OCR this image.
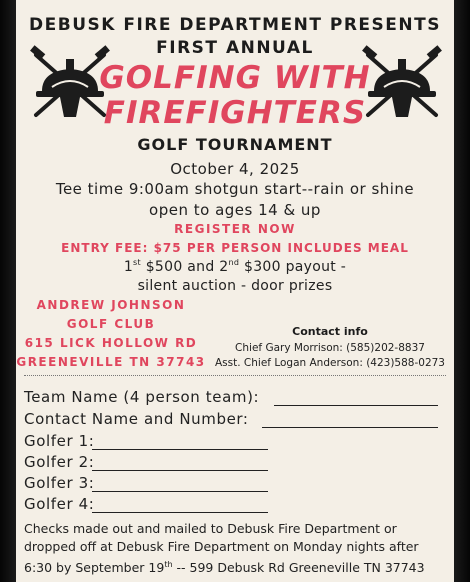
DEBUSK FIRE DEPARTMENT PRESENTS
FIRST ANNUAL
GOLFING WITH
FIREFIGHTERS
GOLF TOURNAMENT
October 4, 2025
Tee time 9:00am shotgun start--rain or shine
open to ages 14 & up
REGISTER NOW
ENTRY FEE: $75 PER PERSON INCLUDES MEAL
1st $500 and 2nd $300 payout -
silent auction - door prizes
ANDREW JOHNSON
GOLF CLUB
615 LICK HOLLOW RD
GREENEVILLE TN 37743
Contact info
Chief Gary Morrison: (585)202-8837
Asst. Chief Logan Anderson: (423)588-0273
Team Name (4 person team):
Contact Name and Number:
Golfer 1:
Golfer 2:
Golfer 3:
Golfer 4:
Checks made out and mailed to Debusk Fire Department or
dropped off at Debusk Fire Department on Monday nights after
6:30 by September 19th -- 599 Debusk Rd Greeneville TN 37743
